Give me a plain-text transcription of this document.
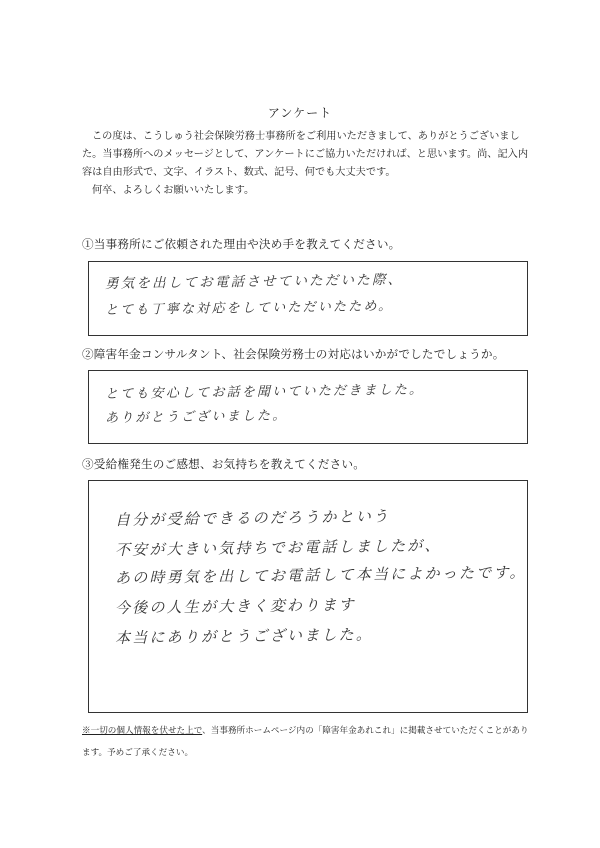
アンケート

この度は、こうしゅう社会保険労務士事務所をご利用いただきまして、ありがとうございました。当事務所へのメッセージとして、アンケートにご協力いただければ、と思います。尚、記入内容は自由形式で、文字、イラスト、数式、記号、何でも大丈夫です。

何卒、よろしくお願いいたします。

①当事務所にご依頼された理由や決め手を教えてください。
勇気を出してお電話させていただいた際、
とても丁寧な対応をしていただいたため。
②障害年金コンサルタント、社会保険労務士の対応はいかがでしたでしょうか。
とても安心してお話を聞いていただきました。
ありがとうございました。
③受給権発生のご感想、お気持ちを教えてください。
自分が受給できるのだろうかという
不安が大きい気持ちでお電話しましたが、
あの時勇気を出してお電話して本当によかったです。
今後の人生が大きく変わります
本当にありがとうございました。
※一切の個人情報を伏せた上で、当事務所ホームページ内の「障害年金あれこれ」に掲載させていただくことがあります。予めご了承ください。
